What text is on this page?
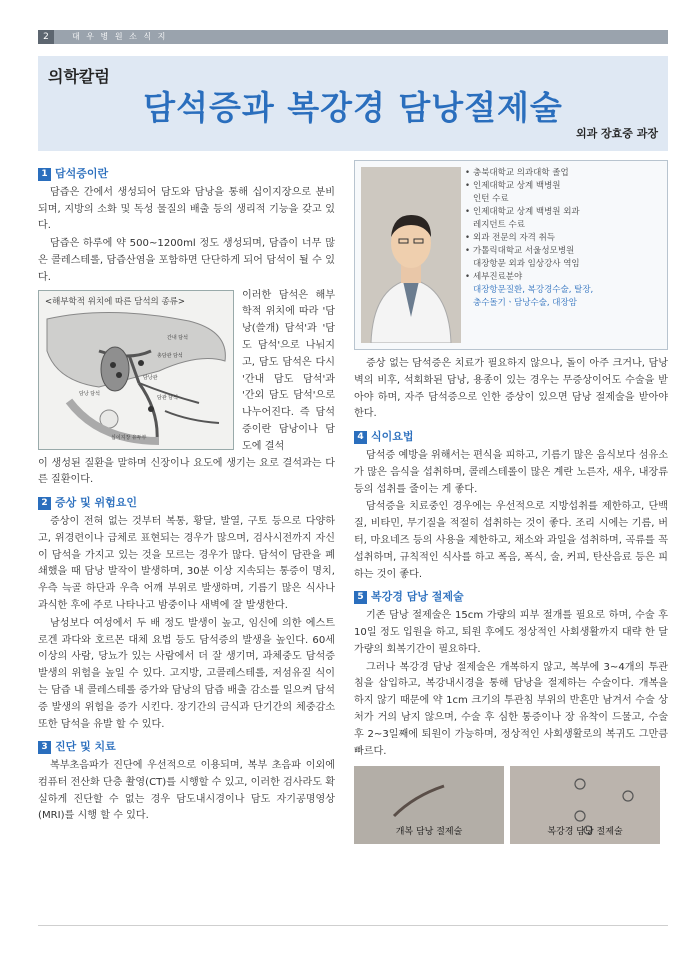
2	대 우 병 원 소 식 지
의학칼럼
담석증과 복강경 담낭절제술
외과 장효중 과장
1 담석증이란

담즙은 간에서 생성되어 담도와 담낭을 통해 십이지장으로 분비되며, 지방의 소화 및 독성 물질의 배출 등의 생리적 기능을 갖고 있다.

담즙은 하루에 약 500~1200ml 정도 생성되며, 담즙이 너무 많은 콜레스테롤, 담즙산염을 포함하면 단단하게 되어 담석이 될 수 있다.

<해부학적 위치에 따른 담석의 종류>
간내 담석
총담관 담석
담낭 담석
담낭관
담관 담석
십이지장 유두부

이러한 담석은 해부학적 위치에 따라 '담낭(쓸개) 담석'과 '담도 담석'으로 나눠지고, 담도 담석은 다시 '간내 담도 담석'과 '간외 담도 담석'으로 나누어진다. 즉 담석증이란 담낭이나 담도에 결석

이 생성된 질환을 말하며 신장이나 요도에 생기는 요로 결석과는 다른 질환이다.

2 증상 및 위험요인

증상이 전혀 없는 것부터 복통, 황달, 발열, 구토 등으로 다양하고, 위경련이나 급체로 표현되는 경우가 많으며, 검사시전까지 자신이 담석을 가지고 있는 것을 모르는 경우가 많다. 담석이 담관을 폐쇄했을 때 담낭 발작이 발생하며, 30분 이상 지속되는 통증이 명치, 우측 늑골 하단과 우측 어깨 부위로 발생하며, 기름기 많은 식사나 과식한 후에 주로 나타나고 밤중이나 새벽에 잘 발생한다.

남성보다 여성에서 두 배 정도 발생이 높고, 임신에 의한 에스트로겐 과다와 호르몬 대체 요법 등도 담석증의 발생을 높인다. 60세 이상의 사람, 당뇨가 있는 사람에서 더 잘 생기며, 과체중도 담석증 발생의 위험을 높일 수 있다. 고지방, 고콜레스테롤, 저섬유질 식이는 담즙 내 콜레스테롤 증가와 담낭의 담즙 배출 감소를 일으켜 담석증 발생의 위험을 증가 시킨다. 장기간의 금식과 단기간의 체중감소 또한 담석을 유발 할 수 있다.

3 진단 및 치료

복부초음파가 진단에 우선적으로 이용되며, 복부 초음파 이외에 컴퓨터 전산화 단층 촬영(CT)를 시행할 수 있고, 이러한 검사라도 확실하게 진단할 수 없는 경우 담도내시경이나 담도 자기공명영상(MRI)를 시행 할 수 있다.

• 충북대학교 의과대학 졸업
• 인제대학교 상계 백병원
인턴 수료
• 인제대학교 상계 백병원 외과
레지던트 수료
• 외과 전문의 자격 취득
• 가톨릭대학교 서울성모병원
대장항문 외과 임상강사 역임
• 세부진료분야
대장항문질환, 복강경수술, 탈장,
충수돌기ㆍ담낭수술, 대장암

증상 없는 담석증은 치료가 필요하지 않으나, 돌이 아주 크거나, 담낭 벽의 비후, 석회화된 담낭, 용종이 있는 경우는 무증상이어도 수술을 받아야 하며, 자주 담석증으로 인한 증상이 있으면 담낭 절제술을 받아야 한다.

4 식이요법

담석증 예방을 위해서는 편식을 피하고, 기름기 많은 음식보다 섬유소가 많은 음식을 섭취하며, 콜레스테롤이 많은 계란 노른자, 새우, 내장류 등의 섭취를 줄이는 게 좋다.

담석증을 치료중인 경우에는 우선적으로 지방섭취를 제한하고, 단백질, 비타민, 무기질을 적절히 섭취하는 것이 좋다. 조리 시에는 기름, 버터, 마요네즈 등의 사용을 제한하고, 채소와 과일을 섭취하며, 곡류를 꼭 섭취하며, 규칙적인 식사를 하고 폭음, 폭식, 술, 커피, 탄산음료 등은 피하는 것이 좋다.

5 복강경 담낭 절제술

기존 담낭 절제술은 15cm 가량의 피부 절개를 필요로 하며, 수술 후 10일 정도 입원을 하고, 퇴원 후에도 정상적인 사회생활까지 대략 한 달 가량의 회복기간이 필요하다.

그러나 복강경 담낭 절제술은 개복하지 않고, 복부에 3~4개의 투관침을 삽입하고, 복강내시경을 통해 담낭을 절제하는 수술이다. 개복을 하지 않기 때문에 약 1cm 크기의 투관침 부위의 반흔만 남겨서 수술 상처가 거의 남지 않으며, 수술 후 심한 통증이나 장 유착이 드물고, 수술 후 2~3일째에 퇴원이 가능하며, 정상적인 사회생활로의 복귀도 그만큼 빠르다.

개복 담낭 절제술	복강경 담낭 절제술
